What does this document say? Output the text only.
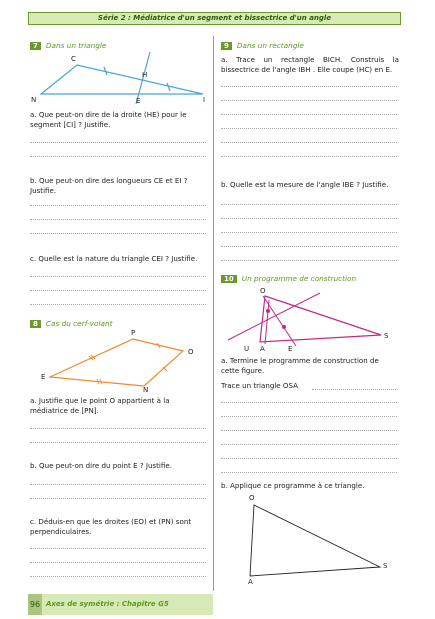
Série 2 : Médiatrice d'un segment et bissectrice d'un angle
7 Dans un triangle
C
H
N	E	I
a. Que peut-on dire de la droite (HE) pour le segment [CI] ? Justifie.
b. Que peut-on dire des longueurs CE et EI ? Justifie.
c. Quelle est la nature du triangle CEI ? Justifie.
8 Cas du cerf-volant
P
O
E
N
a. Justifie que le point O appartient à la médiatrice de [PN].
b. Que peut-on dire du point E ? Justifie.
c. Déduis-en que les droites (EO) et (PN) sont perpendiculaires.
9 Dans un rectangle
a. Trace un rectangle BICH. Construis la bissectrice de l'angle IBH . Elle coupe (HC) en E.
b. Quelle est la mesure de l'angle IBE ? Justifie.
10 Un programme de construction
O
S
U A	E
a. Termine le programme de construction de cette figure.
Trace un triangle OSA
b. Applique ce programme à ce triangle.
O
S
A
96 Axes de symétrie : Chapitre G5
